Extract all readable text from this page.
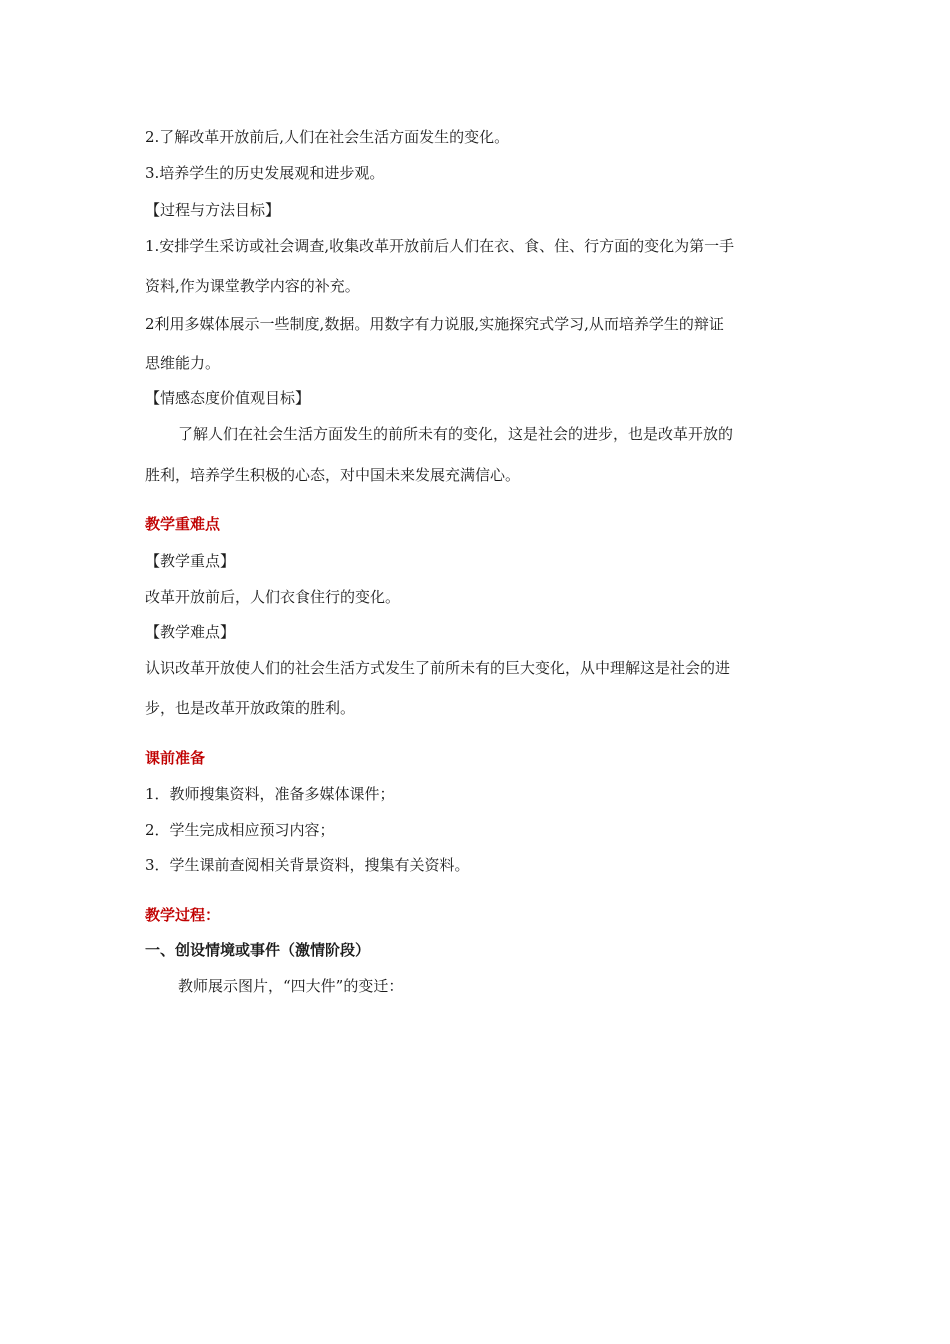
2.了解改革开放前后,人们在社会生活方面发生的变化。
3.培养学生的历史发展观和进步观。
【过程与方法目标】
1.安排学生采访或社会调查,收集改革开放前后人们在衣、食、住、行方面的变化为第一手
资料,作为课堂教学内容的补充。
2利用多媒体展示一些制度,数据。用数字有力说服,实施探究式学习,从而培养学生的辩证
思维能力。
【情感态度价值观目标】
了解人们在社会生活方面发生的前所未有的变化，这是社会的进步，也是改革开放的
胜利，培养学生积极的心态，对中国未来发展充满信心。
教学重难点
【教学重点】
改革开放前后，人们衣食住行的变化。
【教学难点】
认识改革开放使人们的社会生活方式发生了前所未有的巨大变化，从中理解这是社会的进
步，也是改革开放政策的胜利。
课前准备
1．教师搜集资料，准备多媒体课件；
2．学生完成相应预习内容；
3．学生课前查阅相关背景资料，搜集有关资料。
教学过程：
一、创设情境或事件（激情阶段）
教师展示图片，“四大件”的变迁：
